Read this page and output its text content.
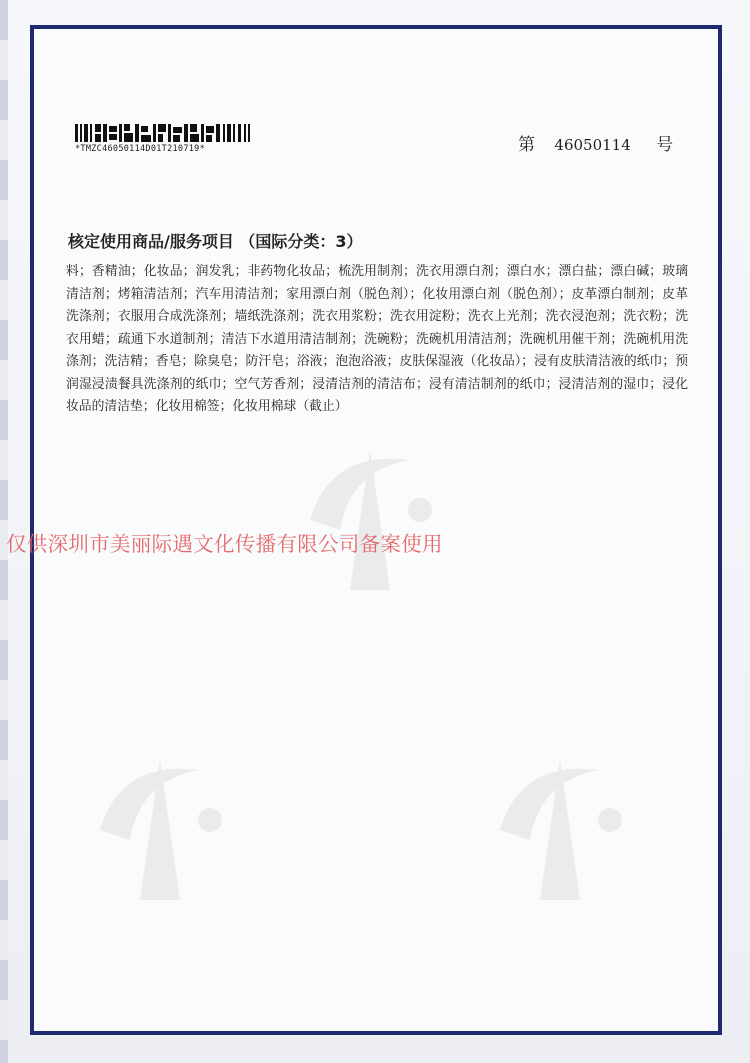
*TMZC46050114D01T210719*	第 46050114 号
核定使用商品/服务项目 （国际分类：3）
料；香精油；化妆品；润发乳；非药物化妆品；梳洗用制剂；洗衣用漂白剂；漂白水；漂白盐；漂白碱；玻璃清洁剂；烤箱清洁剂；汽车用清洁剂；家用漂白剂（脱色剂）；化妆用漂白剂（脱色剂）；皮革漂白制剂；皮革洗涤剂；衣服用合成洗涤剂；墙纸洗涤剂；洗衣用浆粉；洗衣用淀粉；洗衣上光剂；洗衣浸泡剂；洗衣粉；洗衣用蜡；疏通下水道制剂；清洁下水道用清洁制剂；洗碗粉；洗碗机用清洁剂；洗碗机用催干剂；洗碗机用洗涤剂；洗洁精；香皂；除臭皂；防汗皂；浴液；泡泡浴液；皮肤保湿液（化妆品）；浸有皮肤清洁液的纸巾；预润湿浸渍餐具洗涤剂的纸巾；空气芳香剂；浸清洁剂的清洁布；浸有清洁制剂的纸巾；浸清洁剂的湿巾；浸化妆品的清洁垫；化妆用棉签；化妆用棉球（截止）
仅供深圳市美丽际遇文化传播有限公司备案使用
